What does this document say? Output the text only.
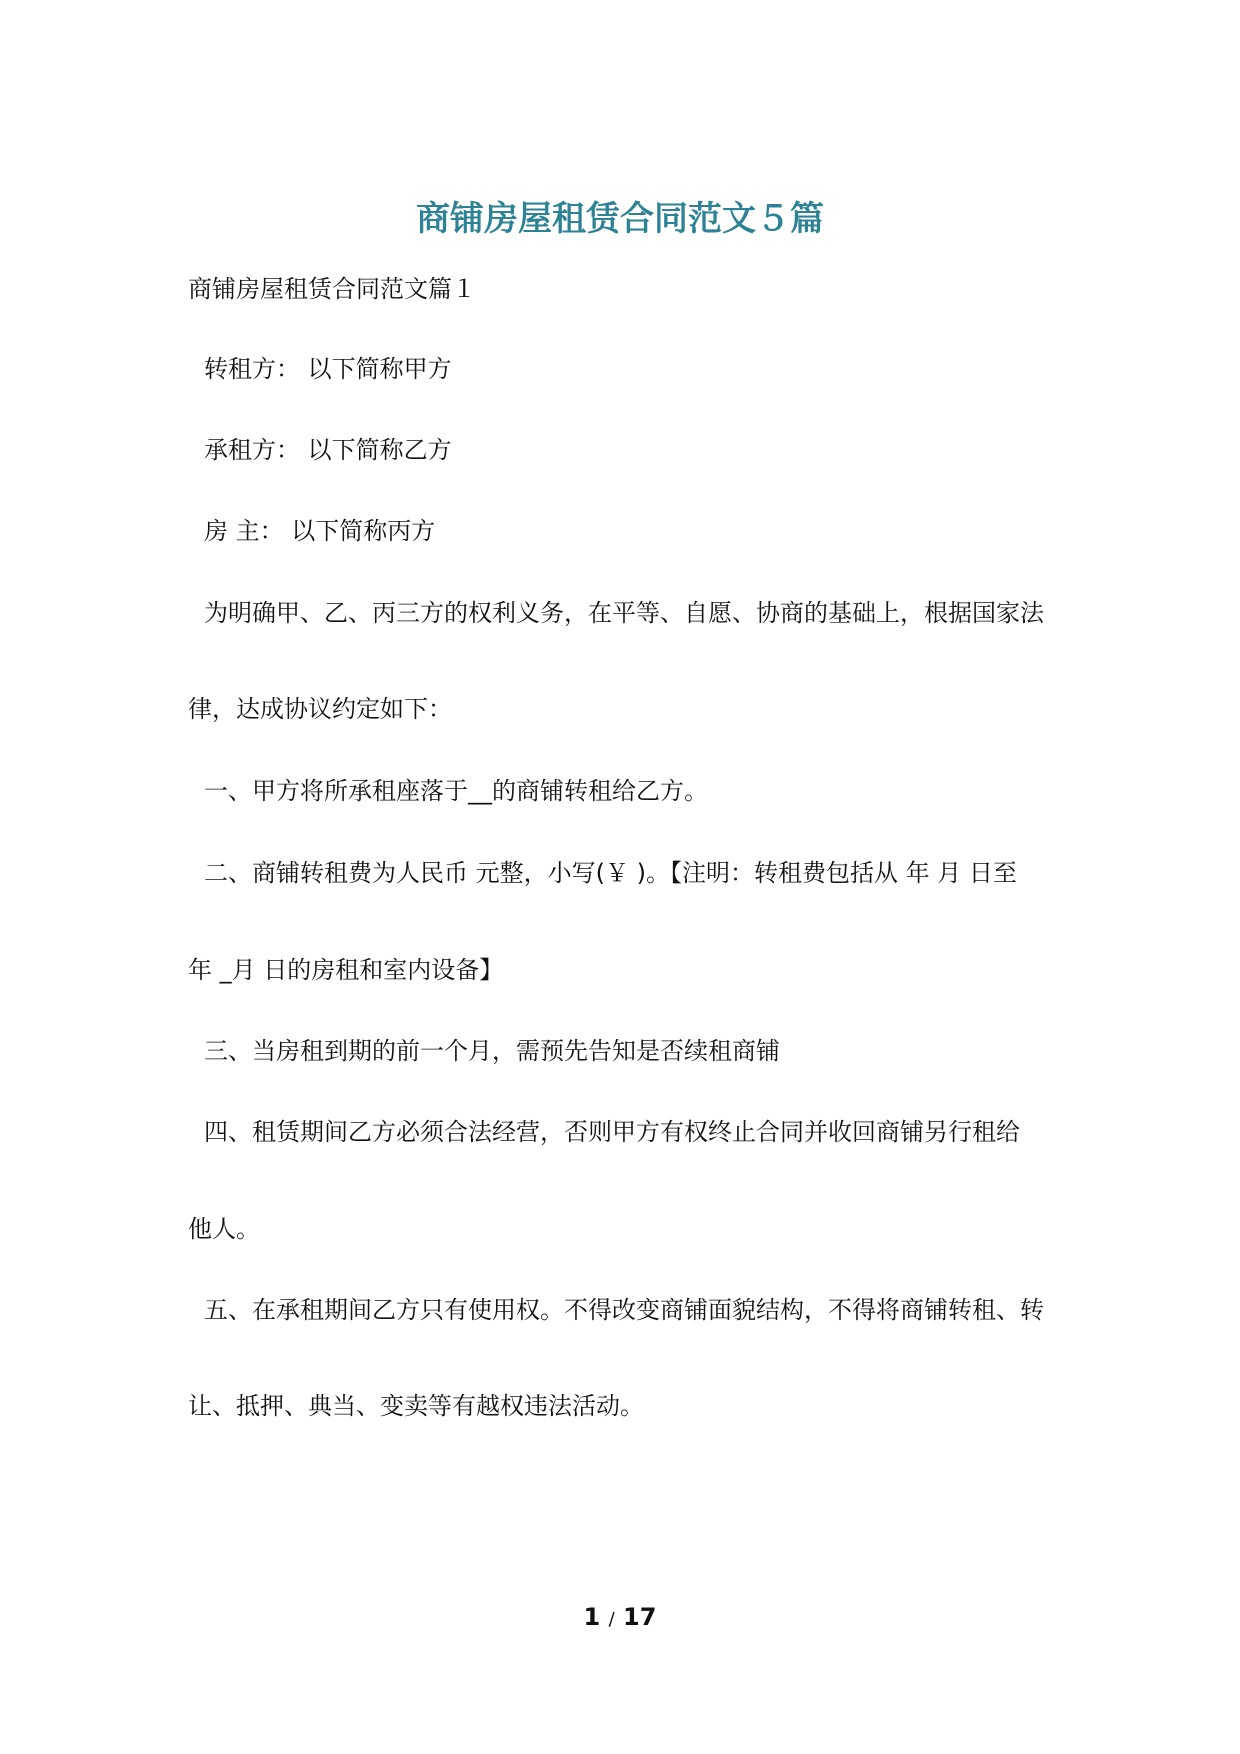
商铺房屋租赁合同范文５篇
商铺房屋租赁合同范文篇１
转租方： 以下简称甲方
承租方： 以下简称乙方
房 主： 以下简称丙方
为明确甲、乙、丙三方的权利义务，在平等、自愿、协商的基础上，根据国家法
律，达成协议约定如下：
一、甲方将所承租座落于__的商铺转租给乙方。
二、商铺转租费为人民币 元整，小写(￥ )。【注明：转租费包括从 年 月 日至
年 _月 日的房租和室内设备】
三、当房租到期的前一个月，需预先告知是否续租商铺
四、租赁期间乙方必须合法经营，否则甲方有权终止合同并收回商铺另行租给
他人。
五、在承租期间乙方只有使用权。不得改变商铺面貌结构，不得将商铺转租、转
让、抵押、典当、变卖等有越权违法活动。
1 / 17
